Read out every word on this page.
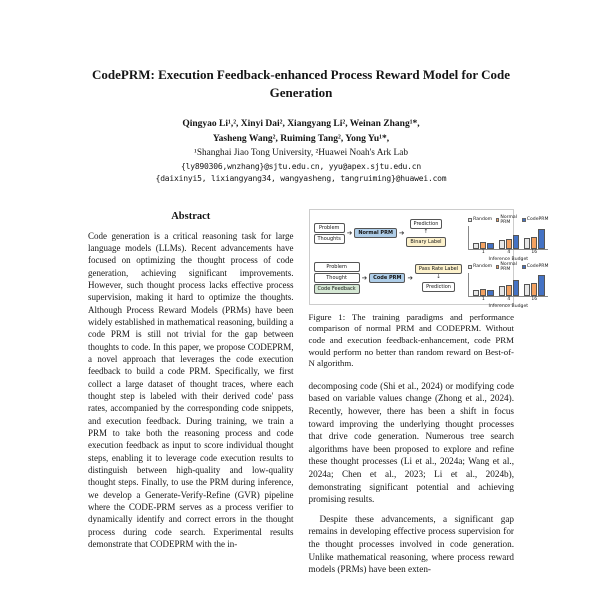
CodePRM: Execution Feedback-enhanced Process Reward Model for Code Generation
Qingyao Li¹,², Xinyi Dai², Xiangyang Li², Weinan Zhang¹*,
Yasheng Wang², Ruiming Tang², Yong Yu¹*,
¹Shanghai Jiao Tong University, ²Huawei Noah's Ark Lab
{ly890306,wnzhang}@sjtu.edu.cn, yyu@apex.sjtu.edu.cn
{daixinyi5, lixiangyang34, wangyasheng, tangruiming}@huawei.com
Abstract

Code generation is a critical reasoning task for large language models (LLMs). Recent advancements have focused on optimizing the thought process of code generation, achieving significant improvements. However, such thought process lacks effective process supervision, making it hard to optimize the thoughts. Although Process Reward Models (PRMs) have been widely established in mathematical reasoning, building a code PRM is still not trivial for the gap between thoughts to code. In this paper, we propose CODEPRM, a novel approach that leverages the code execution feedback to build a code PRM. Specifically, we first collect a large dataset of thought traces, where each thought step is labeled with their derived code' pass rates, accompanied by the corresponding code snippets, and execution feedback. During training, we train a PRM to take both the reasoning process and code execution feedback as input to score individual thought steps, enabling it to leverage code execution results to distinguish between high-quality and low-quality thought steps. Finally, to use the PRM during inference, we develop a Generate-Verify-Refine (GVR) pipeline where the CODE-PRM serves as a process verifier to dynamically identify and correct errors in the thought process during code search. Experimental results demonstrate that CODEPRM with the in-

Problem
Thoughts
➔	Normal PRM ➔
Prediction
↑
Binary Label
Problem
Thought
Code Feedback
➔	Code PRM ➔
Pass Rate Label
↓
Prediction
Random	Normal PRM	CodePRM
1	4	16
Inference Budget
Random	Normal PRM	CodePRM
1	4	16
Inference Budget
Figure 1: The training paradigms and performance comparison of normal PRM and CODEPRM. Without code and execution feedback-enhancement, code PRM would perform no better than random reward on Best-of-N algorithm.

decomposing code (Shi et al., 2024) or modifying code based on variable values change (Zhong et al., 2024). Recently, however, there has been a shift in focus toward improving the underlying thought processes that drive code generation. Numerous tree search algorithms have been proposed to explore and refine these thought processes (Li et al., 2024a; Wang et al., 2024a; Chen et al., 2023; Li et al., 2024b), demonstrating significant potential and achieving promising results.

Despite these advancements, a significant gap remains in developing effective process supervision for the thought processes involved in code generation. Unlike mathematical reasoning, where process reward models (PRMs) have been exten-
